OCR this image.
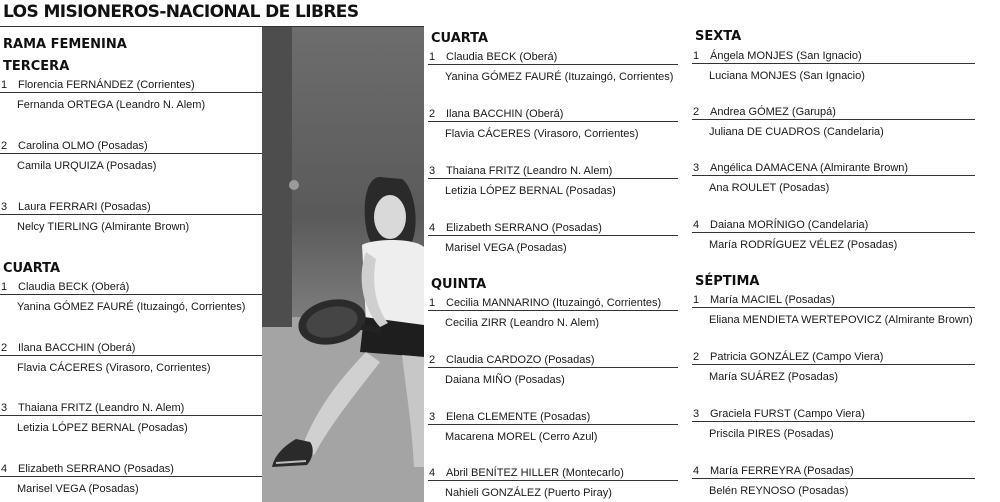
LOS MISIONEROS-NACIONAL DE LIBRES
RAMA FEMENINA
TERCERA
1 Florencia FERNÁNDEZ (Corrientes)
Fernanda ORTEGA (Leandro N. Alem)
2 Carolina OLMO (Posadas)
Camila URQUIZA (Posadas)
3 Laura FERRARI (Posadas)
Nelcy TIERLING (Almirante Brown)
CUARTA
1 Claudia BECK (Oberá)
Yanina GÓMEZ FAURÉ (Ituzaingó, Corrientes)
2 Ilana BACCHIN (Oberá)
Flavia CÁCERES (Virasoro, Corrientes)
3 Thaiana FRITZ (Leandro N. Alem)
Letizia LÓPEZ BERNAL (Posadas)
4 Elizabeth SERRANO (Posadas)
Marisel VEGA (Posadas)
CUARTA
1 Claudia BECK (Oberá)
Yanina GÓMEZ FAURÉ (Ituzaingó, Corrientes)
2 Ilana BACCHIN (Oberá)
Flavia CÁCERES (Virasoro, Corrientes)
3 Thaiana FRITZ (Leandro N. Alem)
Letizia LÓPEZ BERNAL (Posadas)
4 Elizabeth SERRANO (Posadas)
Marisel VEGA (Posadas)
QUINTA
1 Cecilia MANNARINO (Ituzaingó, Corrientes)
Cecilia ZIRR (Leandro N. Alem)
2 Claudia CARDOZO (Posadas)
Daiana MIÑO (Posadas)
3 Elena CLEMENTE (Posadas)
Macarena MOREL (Cerro Azul)
4 Abril BENÍTEZ HILLER (Montecarlo)
Nahieli GONZÁLEZ (Puerto Piray)
SEXTA
1 Ángela MONJES (San Ignacio)
Luciana MONJES (San Ignacio)
2 Andrea GÓMEZ (Garupá)
Juliana DE CUADROS (Candelaria)
3 Angélica DAMACENA (Almirante Brown)
Ana ROULET (Posadas)
4 Daiana MORÍNIGO (Candelaria)
María RODRÍGUEZ VÉLEZ (Posadas)
SÉPTIMA
1 María MACIEL (Posadas)
Eliana MENDIETA WERTEPOVICZ (Almirante Brown)
2 Patricia GONZÁLEZ (Campo Viera)
María SUÁREZ (Posadas)
3 Graciela FURST (Campo Viera)
Priscila PIRES (Posadas)
4 María FERREYRA (Posadas)
Belén REYNOSO (Posadas)
